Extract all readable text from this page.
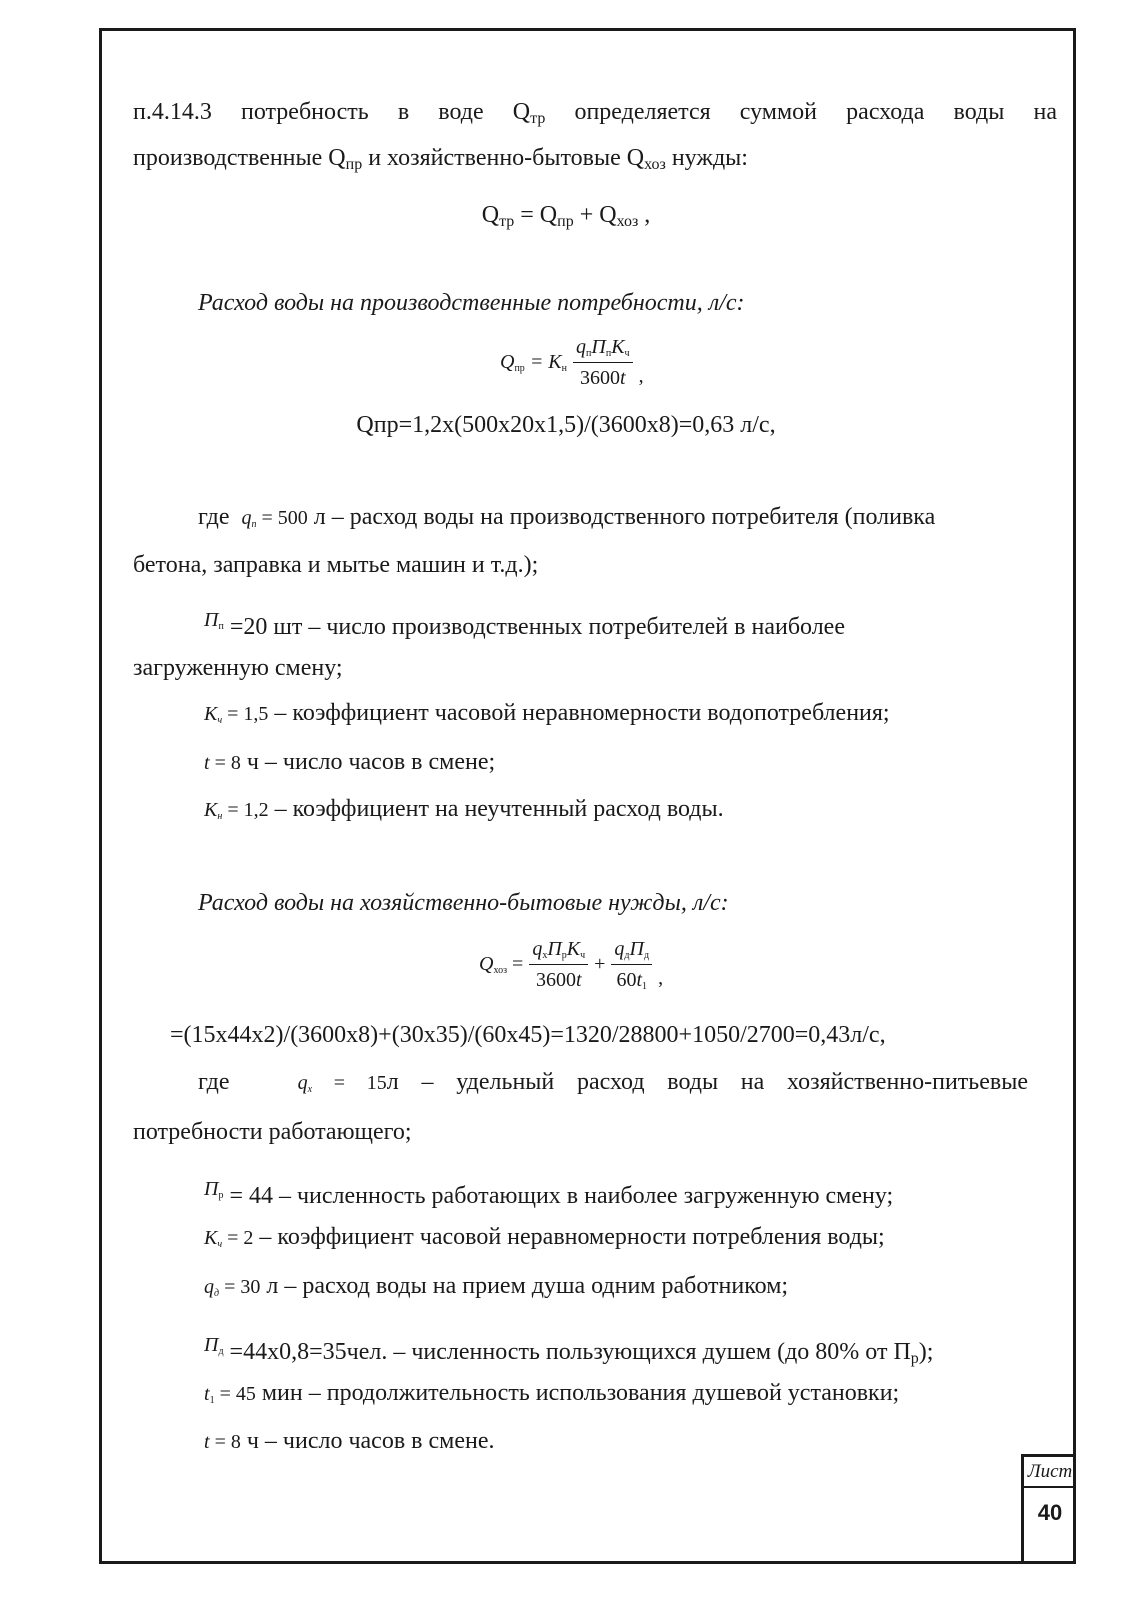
п.4.14.3 потребность в воде $Q_{тр}$ определяется суммой расхода воды на
производственные $Q_{пр}$ и хозяйственно-бытовые $Q_{хоз}$ нужды:
$Q_{тр} = Q_{пр} + Q_{хоз}$ ,
Расход воды на производственные потребности, л/с:
Qпр = Kн $\frac{\text{qпПпKч}}{3600t} _,$
Qпр=1,2x(500x20x1,5)/(3600x8)=0,63 л/с,
где $q_п = 500$ л – расход воды на производственного потребителя (поливка
бетона, заправка и мытье машин и т.д.);
$^{Пп}$ =20 шт – число производственных потребителей в наиболее
загруженную смену;
Kч = 1,5 – коэффициент часовой неравномерности водопотребления;
t = 8 ч – число часов в смене;
Kн = 1,2 – коэффициент на неучтенный расход воды.
Расход воды на хозяйственно-бытовые нужды, л/с:
Qхоз = $\frac{\text{qхПрKч}}{3600t} + \frac{\text{qдПд}}{60t1} _,$
=(15x44x2)/(3600x8)+(30x35)/(60x45)=1320/28800+1050/2700=0,43л/с,
где	qx = 15л – удельный расход воды на хозяйственно-питьевые
потребности работающего;
$^{Пр}$ = 44 – численность работающих в наиболее загруженную смену;
Kч = 2 – коэффициент часовой неравномерности потребления воды;
qд = 30 л – расход воды на прием душа одним работником;
$^{Пд}$ =44x0,8=35чел. – численность пользующихся душем (до 80% от $П_р$);
t1 = 45 мин – продолжительность использования душевой установки;
t = 8 ч – число часов в смене.
Лист
40
